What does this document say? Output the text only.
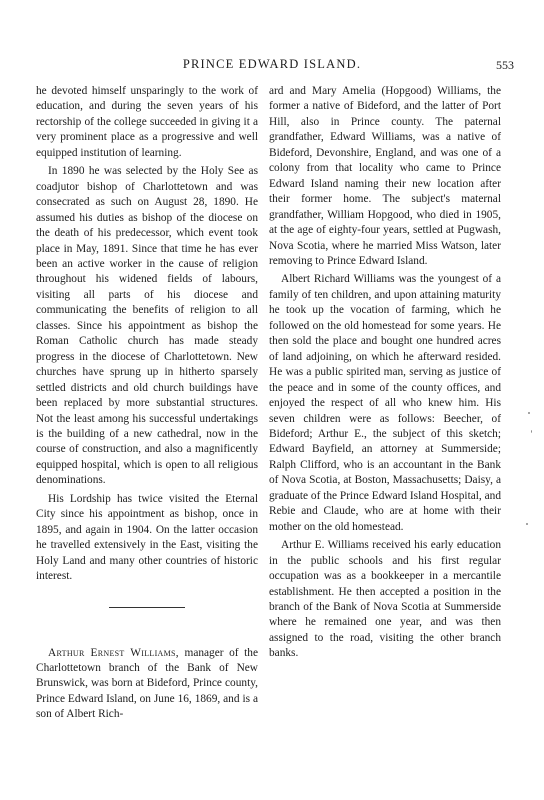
PRINCE EDWARD ISLAND.	553

he devoted himself unsparingly to the work of education, and during the seven years of his rectorship of the college succeeded in giving it a very prominent place as a progressive and well equipped institution of learning.

In 1890 he was selected by the Holy See as coadjutor bishop of Charlottetown and was consecrated as such on August 28, 1890. He assumed his duties as bishop of the diocese on the death of his predecessor, which event took place in May, 1891. Since that time he has ever been an active worker in the cause of religion throughout his widened fields of labours, visiting all parts of his diocese and communicating the benefits of religion to all classes. Since his appointment as bishop the Roman Catholic church has made steady progress in the diocese of Charlottetown. New churches have sprung up in hitherto sparsely settled districts and old church buildings have been replaced by more substantial structures. Not the least among his successful undertakings is the building of a new cathedral, now in the course of construction, and also a magnificently equipped hospital, which is open to all religious denominations.

His Lordship has twice visited the Eternal City since his appointment as bishop, once in 1895, and again in 1904. On the latter occasion he travelled extensively in the East, visiting the Holy Land and many other countries of historic interest.

Arthur Ernest Williams, manager of the Charlottetown branch of the Bank of New Brunswick, was born at Bideford, Prince county, Prince Edward Island, on June 16, 1869, and is a son of Albert Rich-

ard and Mary Amelia (Hopgood) Williams, the former a native of Bideford, and the latter of Port Hill, also in Prince county. The paternal grandfather, Edward Williams, was a native of Bideford, Devonshire, England, and was one of a colony from that locality who came to Prince Edward Island naming their new location after their former home. The subject's maternal grandfather, William Hopgood, who died in 1905, at the age of eighty-four years, settled at Pugwash, Nova Scotia, where he married Miss Watson, later removing to Prince Edward Island.

Albert Richard Williams was the youngest of a family of ten children, and upon attaining maturity he took up the vocation of farming, which he followed on the old homestead for some years. He then sold the place and bought one hundred acres of land adjoining, on which he afterward resided. He was a public spirited man, serving as justice of the peace and in some of the county offices, and enjoyed the respect of all who knew him. His seven children were as follows: Beecher, of Bideford; Arthur E., the subject of this sketch; Edward Bayfield, an attorney at Summerside; Ralph Clifford, who is an accountant in the Bank of Nova Scotia, at Boston, Massachusetts; Daisy, a graduate of the Prince Edward Island Hospital, and Rebie and Claude, who are at home with their mother on the old homestead.

Arthur E. Williams received his early education in the public schools and his first regular occupation was as a bookkeeper in a mercantile establishment. He then accepted a position in the branch of the Bank of Nova Scotia at Summerside where he remained one year, and was then assigned to the road, visiting the other branch banks.
